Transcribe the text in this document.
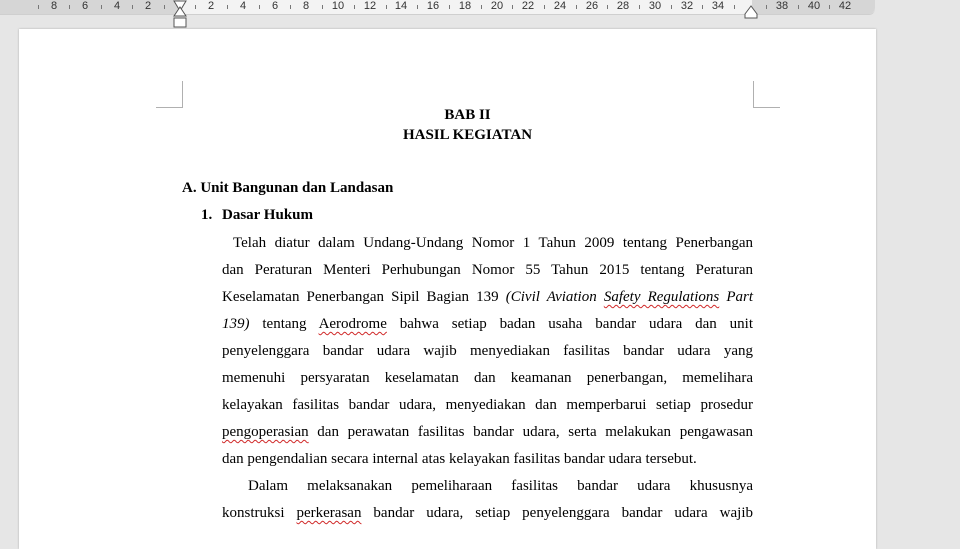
8 6 4 2	2 4 6 8 10 12 14 16 18 20 22 24 26 28 30 32 34	38 40 42
BAB II
HASIL KEGIATAN
A. Unit Bangunan dan Landasan
1. Dasar Hukum
Telah diatur dalam Undang-Undang Nomor 1 Tahun 2009 tentang Penerbangan
dan Peraturan Menteri Perhubungan Nomor 55 Tahun 2015 tentang Peraturan
Keselamatan Penerbangan Sipil Bagian 139 (Civil Aviation Safety Regulations Part
139) tentang Aerodrome bahwa setiap badan usaha bandar udara dan unit
penyelenggara bandar udara wajib menyediakan fasilitas bandar udara yang
memenuhi persyaratan keselamatan dan keamanan penerbangan, memelihara
kelayakan fasilitas bandar udara, menyediakan dan memperbarui setiap prosedur
pengoperasian dan perawatan fasilitas bandar udara, serta melakukan pengawasan
dan pengendalian secara internal atas kelayakan fasilitas bandar udara tersebut.
Dalam melaksanakan pemeliharaan fasilitas bandar udara khususnya
konstruksi perkerasan bandar udara, setiap penyelenggara bandar udara wajib
